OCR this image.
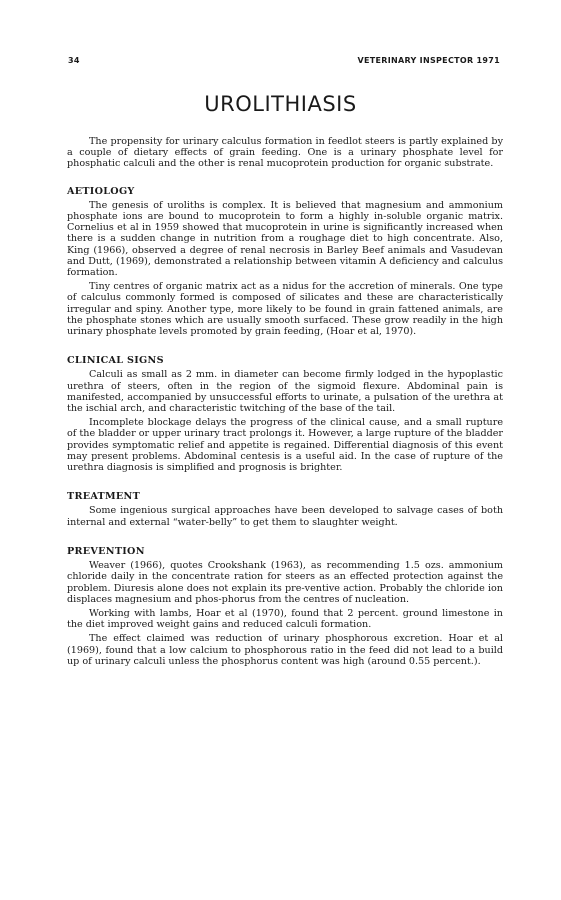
34	VETERINARY INSPECTOR 1971
UROLITHIASIS

The propensity for urinary calculus formation in feedlot steers is partly explained by a couple of dietary effects of grain feeding. One is a urinary phosphate level for phosphatic calculi and the other is renal mucoprotein production for organic substrate.

AETIOLOGY

The genesis of uroliths is complex. It is believed that magnesium and ammonium phosphate ions are bound to mucoprotein to form a highly in-soluble organic matrix. Cornelius et al in 1959 showed that mucoprotein in urine is significantly increased when there is a sudden change in nutrition from a roughage diet to high concentrate. Also, King (1966), observed a degree of renal necrosis in Barley Beef animals and Vasudevan and Dutt, (1969), demonstrated a relationship between vitamin A deficiency and calculus formation.

Tiny centres of organic matrix act as a nidus for the accretion of minerals. One type of calculus commonly formed is composed of silicates and these are characteristically irregular and spiny. Another type, more likely to be found in grain fattened animals, are the phosphate stones which are usually smooth surfaced. These grow readily in the high urinary phosphate levels promoted by grain feeding, (Hoar et al, 1970).

CLINICAL SIGNS

Calculi as small as 2 mm. in diameter can become firmly lodged in the hypoplastic urethra of steers, often in the region of the sigmoid flexure. Abdominal pain is manifested, accompanied by unsuccessful efforts to urinate, a pulsation of the urethra at the ischial arch, and characteristic twitching of the base of the tail.

Incomplete blockage delays the progress of the clinical cause, and a small rupture of the bladder or upper urinary tract prolongs it. However, a large rupture of the bladder provides symptomatic relief and appetite is regained. Differential diagnosis of this event may present problems. Abdominal centesis is a useful aid. In the case of rupture of the urethra diagnosis is simplified and prognosis is brighter.

TREATMENT

Some ingenious surgical approaches have been developed to salvage cases of both internal and external “water-belly” to get them to slaughter weight.

PREVENTION

Weaver (1966), quotes Crookshank (1963), as recommending 1.5 ozs. ammonium chloride daily in the concentrate ration for steers as an effected protection against the problem. Diuresis alone does not explain its pre-ventive action. Probably the chloride ion displaces magnesium and phos-phorus from the centres of nucleation.

Working with lambs, Hoar et al (1970), found that 2 percent. ground limestone in the diet improved weight gains and reduced calculi formation.

The effect claimed was reduction of urinary phosphorous excretion. Hoar et al (1969), found that a low calcium to phosphorous ratio in the feed did not lead to a build up of urinary calculi unless the phosphorus content was high (around 0.55 percent.).
